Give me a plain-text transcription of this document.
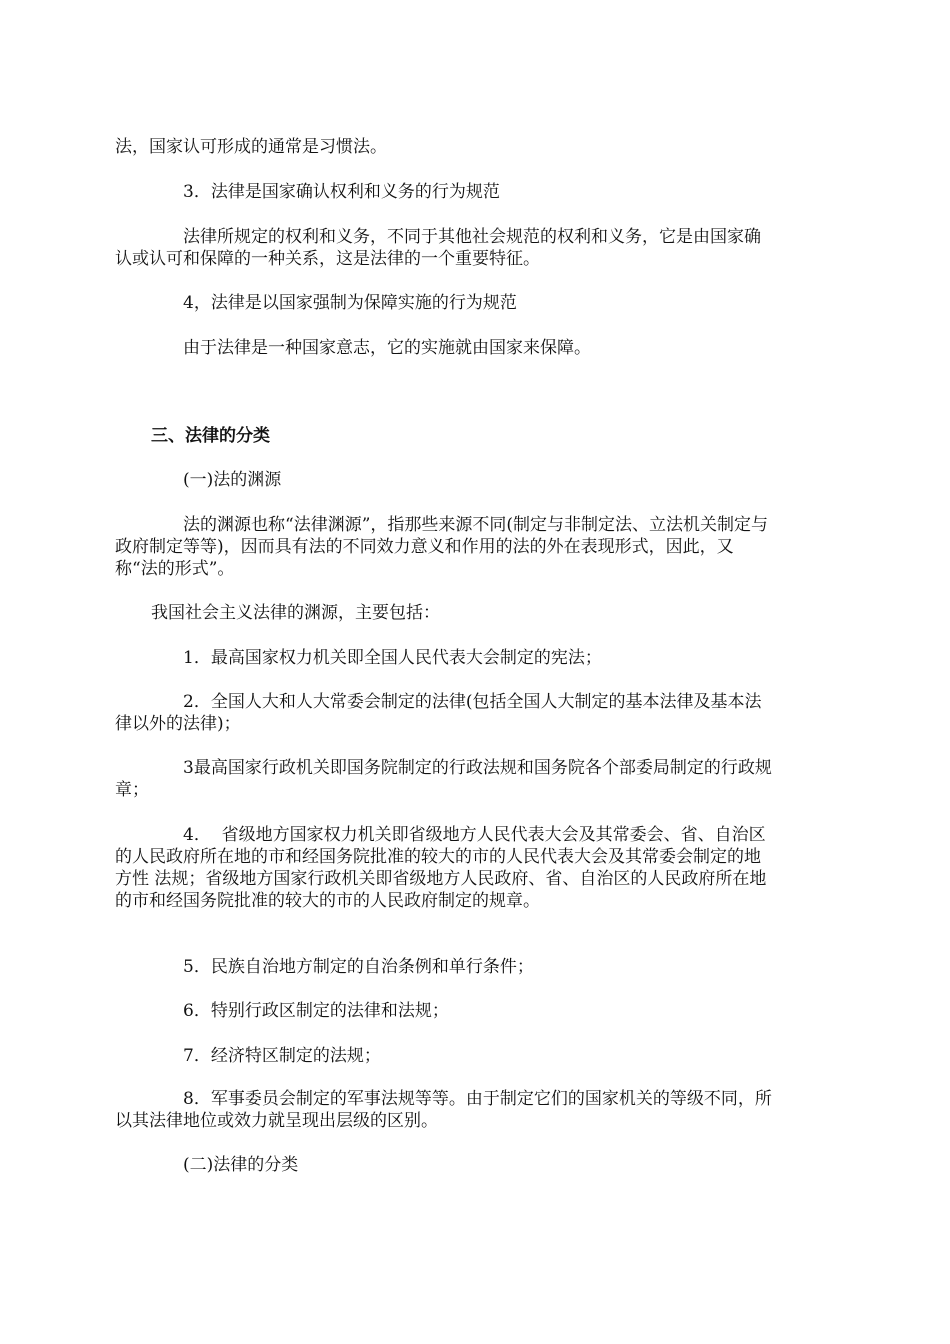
法，国家认可形成的通常是习惯法。

3．法律是国家确认权利和义务的行为规范

法律所规定的权利和义务，不同于其他社会规范的权利和义务，它是由国家确认或认可和保障的一种关系，这是法律的一个重要特征。

4，法律是以国家强制为保障实施的行为规范

由于法律是一种国家意志，它的实施就由国家来保障。

三、法律的分类

(一)法的渊源

法的渊源也称“法律渊源”，指那些来源不同(制定与非制定法、立法机关制定与政府制定等等)，因而具有法的不同效力意义和作用的法的外在表现形式，因此，又称“法的形式”。

我国社会主义法律的渊源，主要包括：

1．最高国家权力机关即全国人民代表大会制定的宪法；

2．全国人大和人大常委会制定的法律(包括全国人大制定的基本法律及基本法律以外的法律)；

3最高国家行政机关即国务院制定的行政法规和国务院各个部委局制定的行政规章；

4．  省级地方国家权力机关即省级地方人民代表大会及其常委会、省、自治区的人民政府所在地的市和经国务院批准的较大的市的人民代表大会及其常委会制定的地方性 法规；省级地方国家行政机关即省级地方人民政府、省、自治区的人民政府所在地的市和经国务院批准的较大的市的人民政府制定的规章。

5．民族自治地方制定的自治条例和单行条件；

6．特别行政区制定的法律和法规；

7．经济特区制定的法规；

8．军事委员会制定的军事法规等等。由于制定它们的国家机关的等级不同，所以其法律地位或效力就呈现出层级的区别。

(二)法律的分类
